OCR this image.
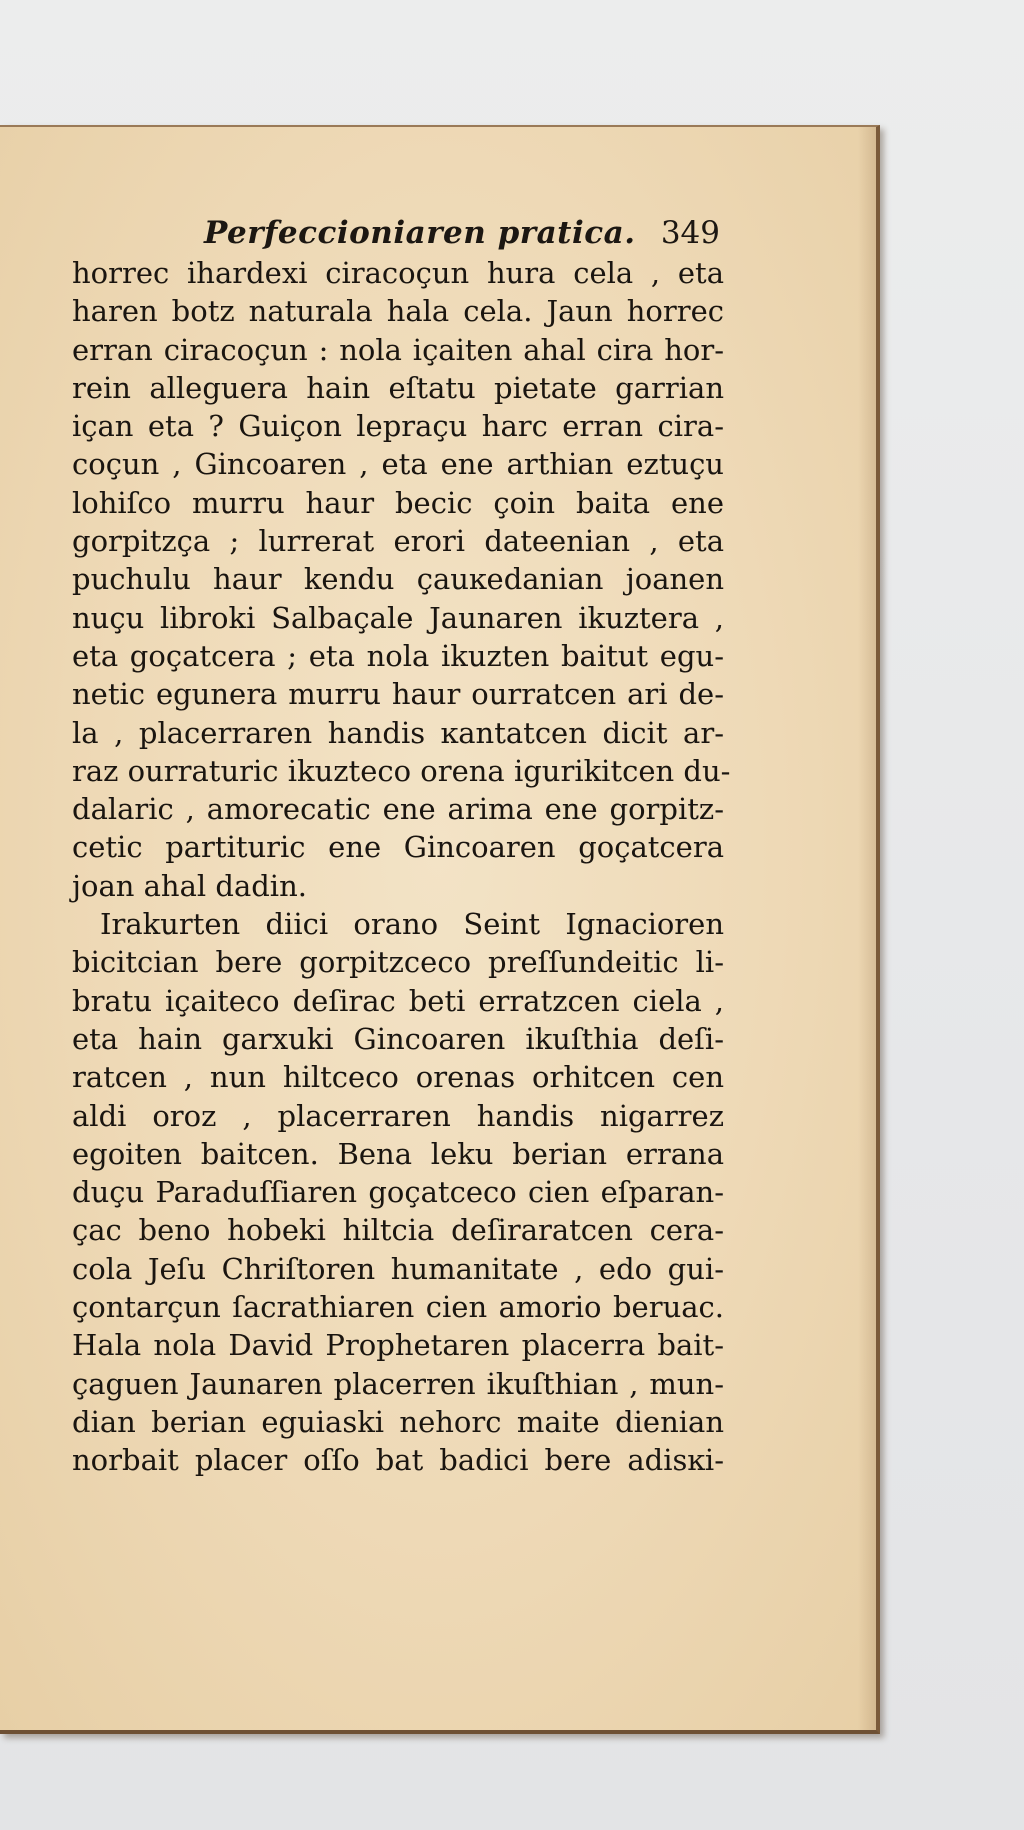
Perfeccioniaren pratica. 349
horrec ihardexi ciracoçun hura cela , eta
haren botz naturala hala cela. Jaun horrec
erran ciracoçun : nola içaiten ahal cira hor-
rein alleguera hain eſtatu pietate garrian
içan eta ? Guiçon lepraçu harc erran cira-
coçun , Gincoaren , eta ene arthian eztuçu
lohiſco murru haur becic çoin baita ene
gorpitzça ; lurrerat erori dateenian , eta
puchulu haur kendu çauĸedanian joanen
nuçu libroki Salbaçale Jaunaren ikuztera ,
eta goçatcera ; eta nola ikuzten baitut egu-
netic egunera murru haur ourratcen ari de-
la , placerraren handis ĸantatcen dicit ar-
raz ourraturic ikuzteco orena igurikitcen du-
dalaric , amorecatic ene arima ene gorpitz-
cetic partituric ene Gincoaren goçatcera
joan ahal dadin.
Irakurten diici orano Seint Ignacioren
bicitcian bere gorpitzceco preſſundeitic li-
bratu içaiteco deſirac beti erratzcen ciela ,
eta hain garxuki Gincoaren ikuſthia deſi-
ratcen , nun hiltceco orenas orhitcen cen
aldi oroz , placerraren handis nigarrez
egoiten baitcen. Bena leku berian errana
duçu Paraduſſiaren goçatceco cien eſparan-
çac beno hobeki hiltcia deſiraratcen cera-
cola Jeſu Chriſtoren humanitate , edo gui-
çontarçun ſacrathiaren cien amorio beruac.
Hala nola David Prophetaren placerra bait-
çaguen Jaunaren placerren ikuſthian , mun-
dian berian eguiaski nehorc maite dienian
norbait placer oſſo bat badici bere adisĸi-
